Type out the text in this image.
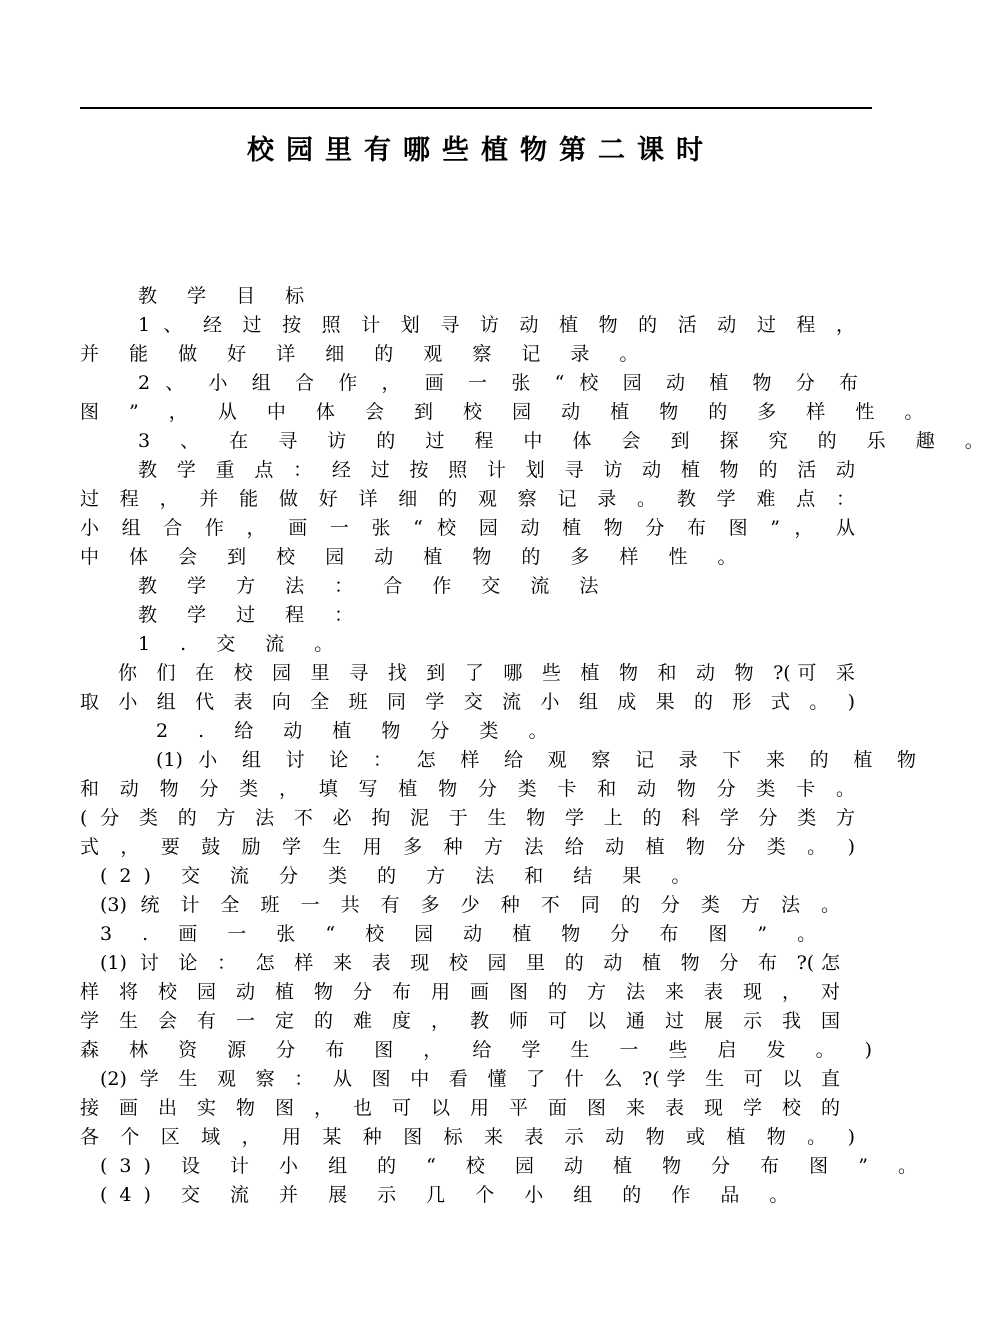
校园里有哪些植物第二课时
教 学 目 标
1 、 经 过 按 照 计 划 寻 访 动 植 物 的 活 动 过 程 ，
并 能 做 好 详 细 的 观 察 记 录 。
2 、 小 组 合 作 ， 画 一 张 “ 校 园 动 植 物 分 布
图 ” ， 从 中 体 会 到 校 园 动 植 物 的 多 样 性 。
3 、 在 寻 访 的 过 程 中 体 会 到 探 究 的 乐 趣 。
教 学 重 点 ： 经 过 按 照 计 划 寻 访 动 植 物 的 活 动
过 程 ， 并 能 做 好 详 细 的 观 察 记 录 。 教 学 难 点 ：
小 组 合 作 ， 画 一 张 “ 校 园 动 植 物 分 布 图 ” ， 从
中 体 会 到 校 园 动 植 物 的 多 样 性 。
教 学 方 法 ： 合 作 交 流 法
教 学 过 程 ：
1 . 交 流 。
你 们 在 校 园 里 寻 找 到 了 哪 些 植 物 和 动 物 ?(可 采
取 小 组 代 表 向 全 班 同 学 交 流 小 组 成 果 的 形 式 。 )
2 . 给 动 植 物 分 类 。
(1) 小 组 讨 论 ： 怎 样 给 观 察 记 录 下 来 的 植 物
和 动 物 分 类 ， 填 写 植 物 分 类 卡 和 动 物 分 类 卡 。
( 分 类 的 方 法 不 必 拘 泥 于 生 物 学 上 的 科 学 分 类 方
式 ， 要 鼓 励 学 生 用 多 种 方 法 给 动 植 物 分 类 。 )
(2) 交 流 分 类 的 方 法 和 结 果 。
(3) 统 计 全 班 一 共 有 多 少 种 不 同 的 分 类 方 法 。
3 . 画 一 张 “ 校 园 动 植 物 分 布 图 ” 。
(1) 讨 论 ： 怎 样 来 表 现 校 园 里 的 动 植 物 分 布 ?(怎
样 将 校 园 动 植 物 分 布 用 画 图 的 方 法 来 表 现 ， 对
学 生 会 有 一 定 的 难 度 ， 教 师 可 以 通 过 展 示 我 国
森 林 资 源 分 布 图 ， 给 学 生 一 些 启 发 。 )
(2) 学 生 观 察 ： 从 图 中 看 懂 了 什 么 ?(学 生 可 以 直
接 画 出 实 物 图 ， 也 可 以 用 平 面 图 来 表 现 学 校 的
各 个 区 域 ， 用 某 种 图 标 来 表 示 动 物 或 植 物 。 )
(3) 设 计 小 组 的 “ 校 园 动 植 物 分 布 图 ” 。
(4) 交 流 并 展 示 几 个 小 组 的 作 品 。
